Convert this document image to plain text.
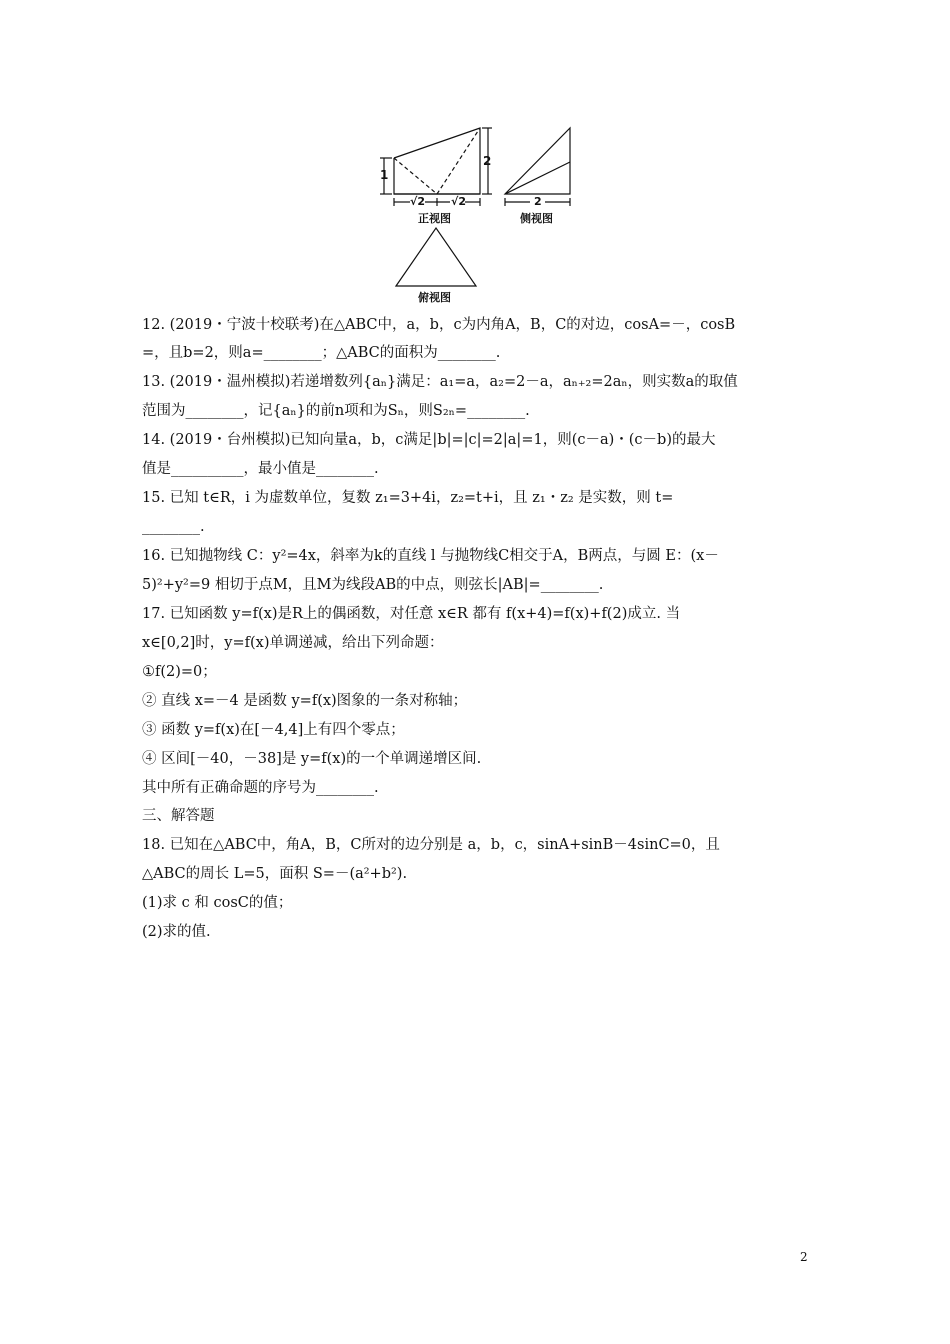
1
2
√2 √2	2
正视图	侧视图
俯视图
12. (2019・宁波十校联考)在△ABC中，a，b，c为内角A，B，C的对边，cosA=－，cosB
=，且b=2，则a=________；△ABC的面积为________.
13. (2019・温州模拟)若递增数列{aₙ}满足：a₁=a，a₂=2－a，aₙ₊₂=2aₙ，则实数a的取值
范围为________，记{aₙ}的前n项和为Sₙ，则S₂ₙ=________.
14. (2019・台州模拟)已知向量a，b，c满足|b|=|c|=2|a|=1，则(c－a)・(c－b)的最大
值是__________，最小值是________.
15. 已知 t∈R，i 为虚数单位，复数 z₁=3+4i，z₂=t+i，且 z₁・z₂ 是实数，则 t=
________.
16. 已知抛物线 C：y²=4x，斜率为k的直线 l 与抛物线C相交于A，B两点，与圆 E：(x－
5)²+y²=9 相切于点M，且M为线段AB的中点，则弦长|AB|=________.
17. 已知函数 y=f(x)是R上的偶函数，对任意 x∈R 都有 f(x+4)=f(x)+f(2)成立. 当
x∈[0,2]时，y=f(x)单调递减，给出下列命题：
①f(2)=0；
② 直线 x=－4 是函数 y=f(x)图象的一条对称轴；
③ 函数 y=f(x)在[－4,4]上有四个零点；
④ 区间[－40，－38]是 y=f(x)的一个单调递增区间.
其中所有正确命题的序号为________.
三、解答题
18. 已知在△ABC中，角A，B，C所对的边分别是 a，b，c，sinA+sinB－4sinC=0，且
△ABC的周长 L=5，面积 S=－(a²+b²).
(1)求 c 和 cosC的值；
(2)求的值.
2
